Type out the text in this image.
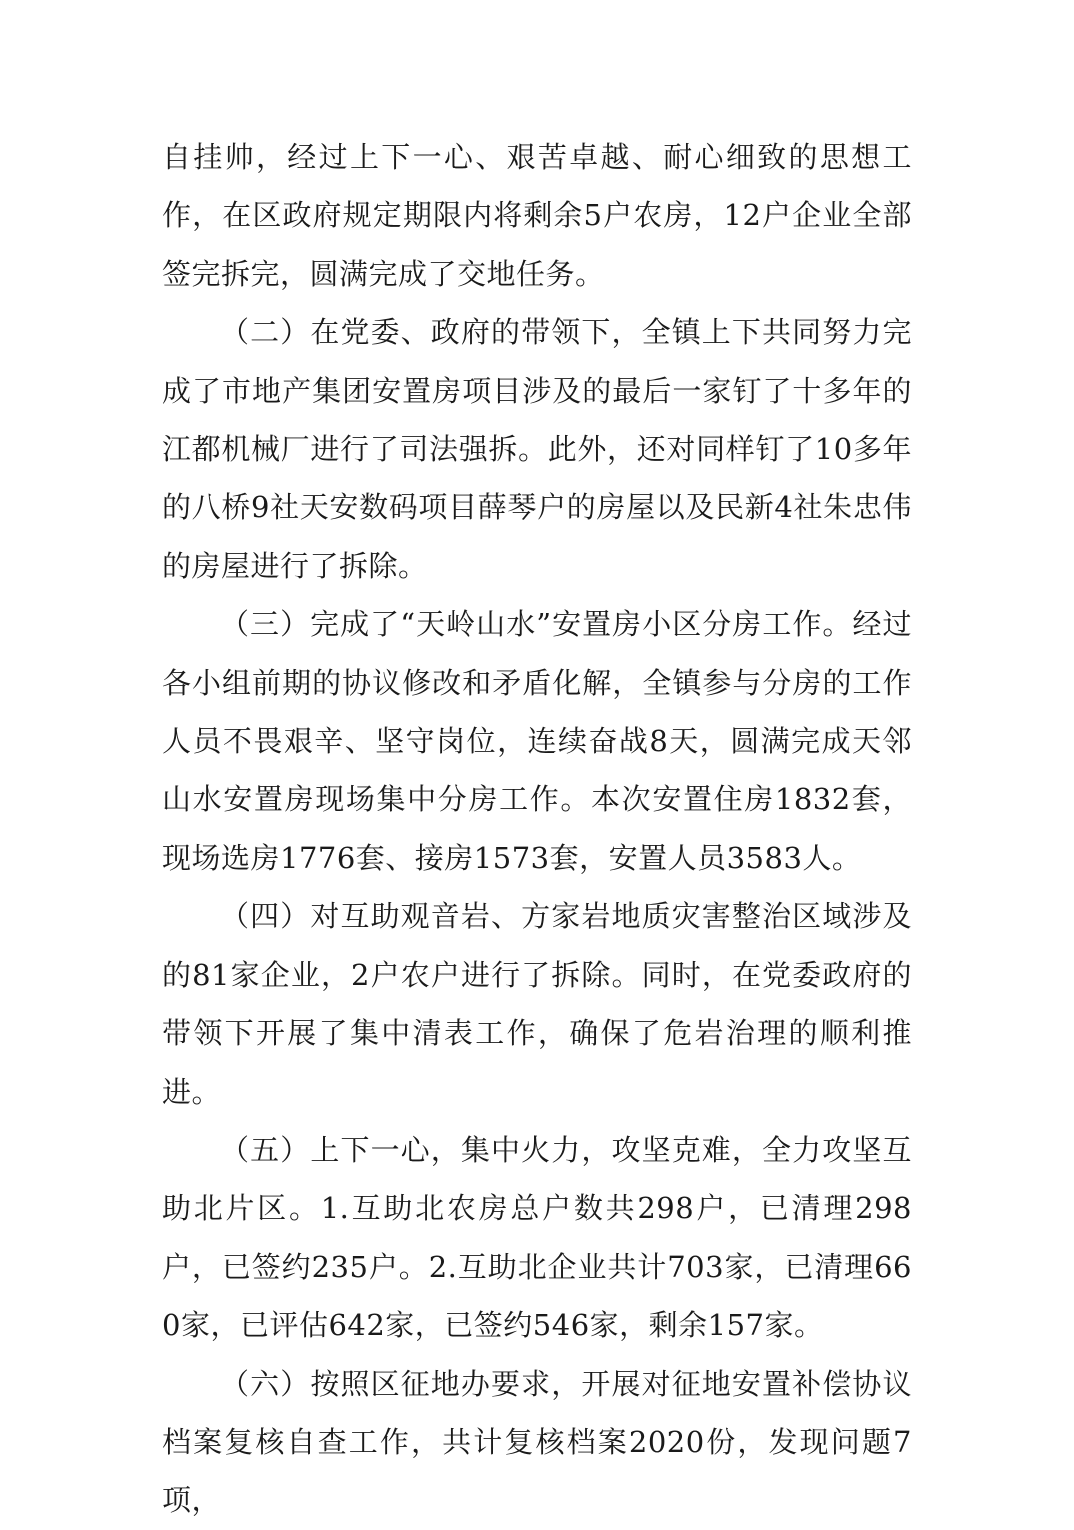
自挂帅，经过上下一心、艰苦卓越、耐心细致的思想工作，在区政府规定期限内将剩余5户农房，12户企业全部签完拆完，圆满完成了交地任务。

（二）在党委、政府的带领下，全镇上下共同努力完成了市地产集团安置房项目涉及的最后一家钉了十多年的江都机械厂进行了司法强拆。此外，还对同样钉了10多年的八桥9社天安数码项目薛琴户的房屋以及民新4社朱忠伟的房屋进行了拆除。

（三）完成了“天岭山水”安置房小区分房工作。经过各小组前期的协议修改和矛盾化解，全镇参与分房的工作人员不畏艰辛、坚守岗位，连续奋战8天，圆满完成天邻山水安置房现场集中分房工作。本次安置住房1832套，现场选房1776套、接房1573套，安置人员3583人。

（四）对互助观音岩、方家岩地质灾害整治区域涉及的81家企业，2户农户进行了拆除。同时，在党委政府的带领下开展了集中清表工作，确保了危岩治理的顺利推进。

（五）上下一心，集中火力，攻坚克难，全力攻坚互助北片区。1.互助北农房总户数共298户，已清理298户，已签约235户。2.互助北企业共计703家，已清理660家，已评估642家，已签约546家，剩余157家。

（六）按照区征地办要求，开展对征地安置补偿协议档案复核自查工作，共计复核档案2020份，发现问题7项，
